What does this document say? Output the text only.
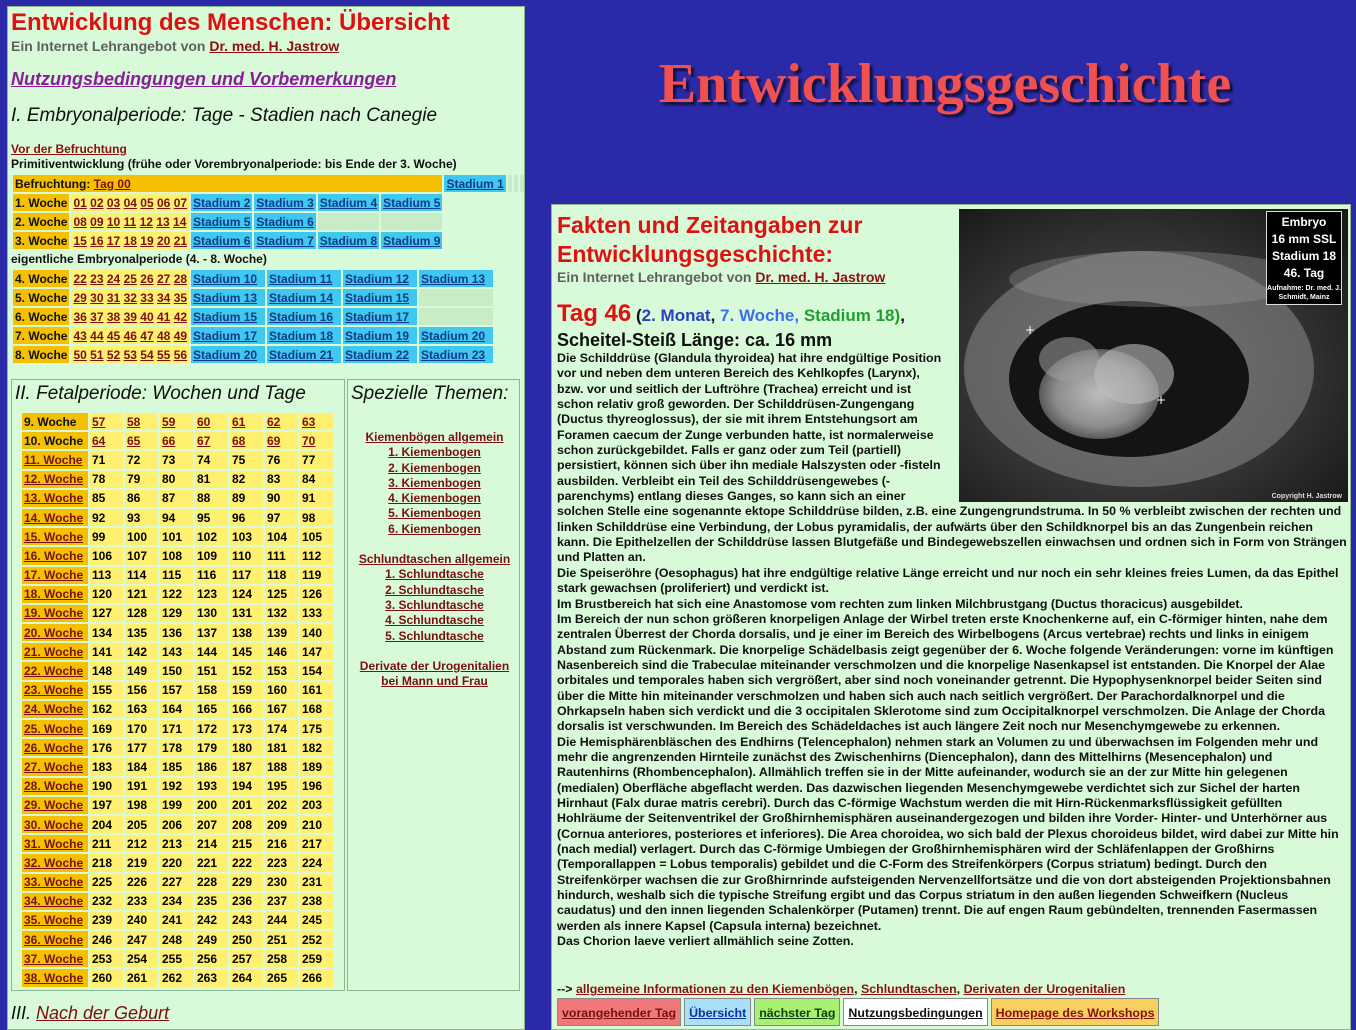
Entwicklung des Menschen: Übersicht
Ein Internet Lehrangebot von Dr. med. H. Jastrow
Nutzungsbedingungen und Vorbemerkungen
I. Embryonalperiode: Tage - Stadien nach Canegie
Vor der Befruchtung
Primitiventwicklung (frühe oder Vorembryonalperiode: bis Ende der 3. Woche)
Befruchtung: Tag 00						Stadium 1			
1. Woche	01 02 03 04 05 06 07	Stadium 2	Stadium 3	Stadium 4	Stadium 5				
2. Woche	08 09 10 11 12 13 14	Stadium 5	Stadium 6						
3. Woche	15 16 17 18 19 20 21	Stadium 6	Stadium 7	Stadium 8	Stadium 9				
eigentliche Embryonalperiode (4. - 8. Woche)
4. Woche	22 23 24 25 26 27 28	Stadium 10	Stadium 11	Stadium 12	Stadium 13
5. Woche	29 30 31 32 33 34 35	Stadium 13	Stadium 14	Stadium 15	
6. Woche	36 37 38 39 40 41 42	Stadium 15	Stadium 16	Stadium 17	
7. Woche	43 44 45 46 47 48 49	Stadium 17	Stadium 18	Stadium 19	Stadium 20
8. Woche	50 51 52 53 54 55 56	Stadium 20	Stadium 21	Stadium 22	Stadium 23
II. Fetalperiode: Wochen und Tage
9. Woche	57	58	59	60	61	62	63
10. Woche	64	65	66	67	68	69	70
11. Woche	71	72	73	74	75	76	77
12. Woche	78	79	80	81	82	83	84
13. Woche	85	86	87	88	89	90	91
14. Woche	92	93	94	95	96	97	98
15. Woche	99	100	101	102	103	104	105
16. Woche	106	107	108	109	110	111	112
17. Woche	113	114	115	116	117	118	119
18. Woche	120	121	122	123	124	125	126
19. Woche	127	128	129	130	131	132	133
20. Woche	134	135	136	137	138	139	140
21. Woche	141	142	143	144	145	146	147
22. Woche	148	149	150	151	152	153	154
23. Woche	155	156	157	158	159	160	161
24. Woche	162	163	164	165	166	167	168
25. Woche	169	170	171	172	173	174	175
26. Woche	176	177	178	179	180	181	182
27. Woche	183	184	185	186	187	188	189
28. Woche	190	191	192	193	194	195	196
29. Woche	197	198	199	200	201	202	203
30. Woche	204	205	206	207	208	209	210
31. Woche	211	212	213	214	215	216	217
32. Woche	218	219	220	221	222	223	224
33. Woche	225	226	227	228	229	230	231
34. Woche	232	233	234	235	236	237	238
35. Woche	239	240	241	242	243	244	245
36. Woche	246	247	248	249	250	251	252
37. Woche	253	254	255	256	257	258	259
38. Woche	260	261	262	263	264	265	266
Spezielle Themen:
Kiemenbögen allgemein
1. Kiemenbogen
2. Kiemenbogen
3. Kiemenbogen
4. Kiemenbogen
5. Kiemenbogen
6. Kiemenbogen
Schlundtaschen allgemein
1. Schlundtasche
2. Schlundtasche
3. Schlundtasche
4. Schlundtasche
5. Schlundtasche
Derivate der Urogenitalien
bei Mann und Frau
III. Nach der Geburt
Entwicklungsgeschichte
Fakten und Zeitangaben zur Entwicklungsgeschichte:
Ein Internet Lehrangebot von Dr. med. H. Jastrow
Tag 46 (2. Monat, 7. Woche, Stadium 18),
Scheitel-Steiß Länge: ca. 16 mm	+
+
Embryo
16 mm SSL
Stadium 18
46. Tag
Aufnahme: Dr. med. J. Schmidt, Mainz
Copyright H. Jastrow
Die Schilddrüse (Glandula thyroidea) hat ihre endgültige Position vor und neben dem unteren Bereich des Kehlkopfes (Larynx), bzw. vor und seitlich der Luftröhre (Trachea) erreicht und ist schon relativ groß geworden. Der Schilddrüsen-Zungengang (Ductus thyreoglossus), der sie mit ihrem Entstehungsort am Foramen caecum der Zunge verbunden hatte, ist normalerweise schon zurückgebildet. Falls er ganz oder zum Teil (partiell) persistiert, können sich über ihn mediale Halszysten oder -fisteln ausbilden. Verbleibt ein Teil des Schilddrüsengewebes (-parenchyms) entlang dieses Ganges, so kann sich an einer solchen Stelle eine sogenannte ektope Schilddrüse bilden, z.B. eine Zungengrundstruma. In 50 % verbleibt zwischen der rechten und linken Schilddrüse eine Verbindung, der Lobus pyramidalis, der aufwärts über den Schildknorpel bis an das Zungenbein reichen kann. Die Epithelzellen der Schilddrüse lassen Blutgefäße und Bindegewebszellen einwachsen und ordnen sich in Form von Strängen und Platten an.
Die Speiseröhre (Oesophagus) hat ihre endgültige relative Länge erreicht und nur noch ein sehr kleines freies Lumen, da das Epithel stark gewachsen (proliferiert) und verdickt ist.
Im Brustbereich hat sich eine Anastomose vom rechten zum linken Milchbrustgang (Ductus thoracicus) ausgebildet.
Im Bereich der nun schon größeren knorpeligen Anlage der Wirbel treten erste Knochenkerne auf, ein C-förmiger hinten, nahe dem zentralen Überrest der Chorda dorsalis, und je einer im Bereich des Wirbelbogens (Arcus vertebrae) rechts und links in einigem Abstand zum Rückenmark. Die knorpelige Schädelbasis zeigt gegenüber der 6. Woche folgende Veränderungen: vorne im künftigen Nasenbereich sind die Trabeculae miteinander verschmolzen und die knorpelige Nasenkapsel ist entstanden. Die Knorpel der Alae orbitales und temporales haben sich vergrößert, aber sind noch voneinander getrennt. Die Hypophysenknorpel beider Seiten sind über die Mitte hin miteinander verschmolzen und haben sich auch nach seitlich vergrößert. Der Parachordalknorpel und die Ohrkapseln haben sich verdickt und die 3 occipitalen Sklerotome sind zum Occipitalknorpel verschmolzen. Die Anlage der Chorda dorsalis ist verschwunden. Im Bereich des Schädeldaches ist auch längere Zeit noch nur Mesenchymgewebe zu erkennen.
Die Hemisphärenbläschen des Endhirns (Telencephalon) nehmen stark an Volumen zu und überwachsen im Folgenden mehr und mehr die angrenzenden Hirnteile zunächst des Zwischenhirns (Diencephalon), dann des Mittelhirns (Mesencephalon) und Rautenhirns (Rhombencephalon). Allmählich treffen sie in der Mitte aufeinander, wodurch sie an der zur Mitte hin gelegenen (medialen) Oberfläche abgeflacht werden. Das dazwischen liegenden Mesenchymgewebe verdichtet sich zur Sichel der harten Hirnhaut (Falx durae matris cerebri). Durch das C-förmige Wachstum werden die mit Hirn-Rückenmarksflüssigkeit gefüllten Hohlräume der Seitenventrikel der Großhirnhemisphären auseinandergezogen und bilden ihre Vorder- Hinter- und Unterhörner aus (Cornua anteriores, posteriores et inferiores). Die Area choroidea, wo sich bald der Plexus choroideus bildet, wird dabei zur Mitte hin (nach medial) verlagert. Durch das C-förmige Umbiegen der Großhirnhemisphären wird der Schläfenlappen der Großhirns (Temporallappen = Lobus temporalis) gebildet und die C-Form des Streifenkörpers (Corpus striatum) bedingt. Durch den Streifenkörper wachsen die zur Großhirnrinde aufsteigenden Nervenzellfortsätze und die von dort absteigenden Projektionsbahnen hindurch, weshalb sich die typische Streifung ergibt und das Corpus striatum in den außen liegenden Schweifkern (Nucleus caudatus) und den innen liegenden Schalenkörper (Putamen) trennt. Die auf engen Raum gebündelten, trennenden Fasermassen werden als innere Kapsel (Capsula interna) bezeichnet.
Das Chorion laeve verliert allmählich seine Zotten.
--> allgemeine Informationen zu den Kiemenbögen, Schlundtaschen, Derivaten der Urogenitalien
vorangehender Tag	Übersicht	nächster Tag	Nutzungsbedingungen	Homepage des Workshops
